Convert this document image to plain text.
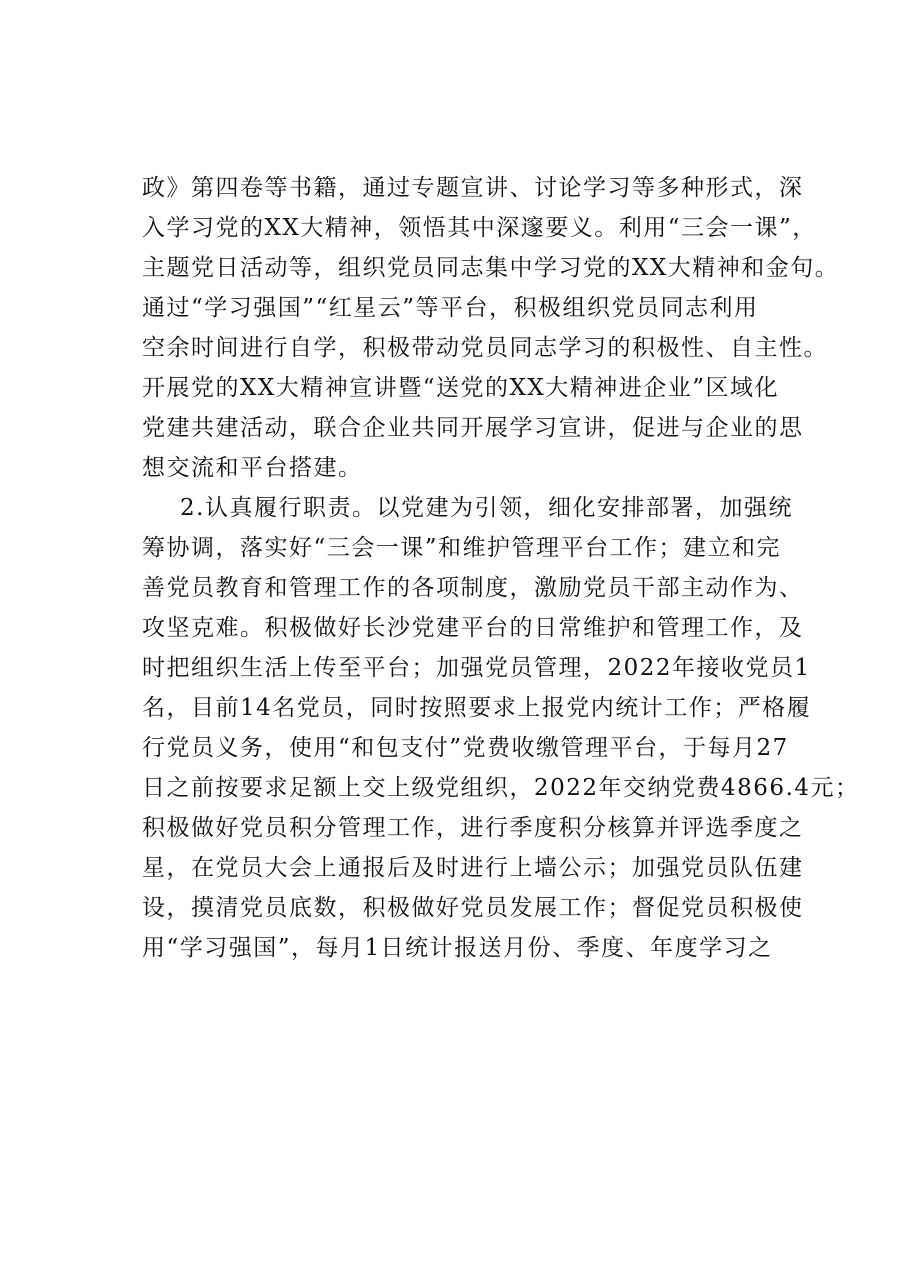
政》第四卷等书籍，通过专题宣讲、讨论学习等多种形式，深
入学习党的XX大精神，领悟其中深邃要义。利用“三会一课”，
主题党日活动等，组织党员同志集中学习党的XX大精神和金句。
通过“学习强国”“红星云”等平台，积极组织党员同志利用
空余时间进行自学，积极带动党员同志学习的积极性、自主性。
开展党的XX大精神宣讲暨“送党的XX大精神进企业”区域化
党建共建活动，联合企业共同开展学习宣讲，促进与企业的思
想交流和平台搭建。
2.认真履行职责。以党建为引领，细化安排部署，加强统
筹协调，落实好“三会一课”和维护管理平台工作；建立和完
善党员教育和管理工作的各项制度，激励党员干部主动作为、
攻坚克难。积极做好长沙党建平台的日常维护和管理工作，及
时把组织生活上传至平台；加强党员管理，2022年接收党员1
名，目前14名党员，同时按照要求上报党内统计工作；严格履
行党员义务，使用“和包支付”党费收缴管理平台，于每月27
日之前按要求足额上交上级党组织，2022年交纳党费4866.4元；
积极做好党员积分管理工作，进行季度积分核算并评选季度之
星，在党员大会上通报后及时进行上墙公示；加强党员队伍建
设，摸清党员底数，积极做好党员发展工作；督促党员积极使
用“学习强国”，每月1日统计报送月份、季度、年度学习之
